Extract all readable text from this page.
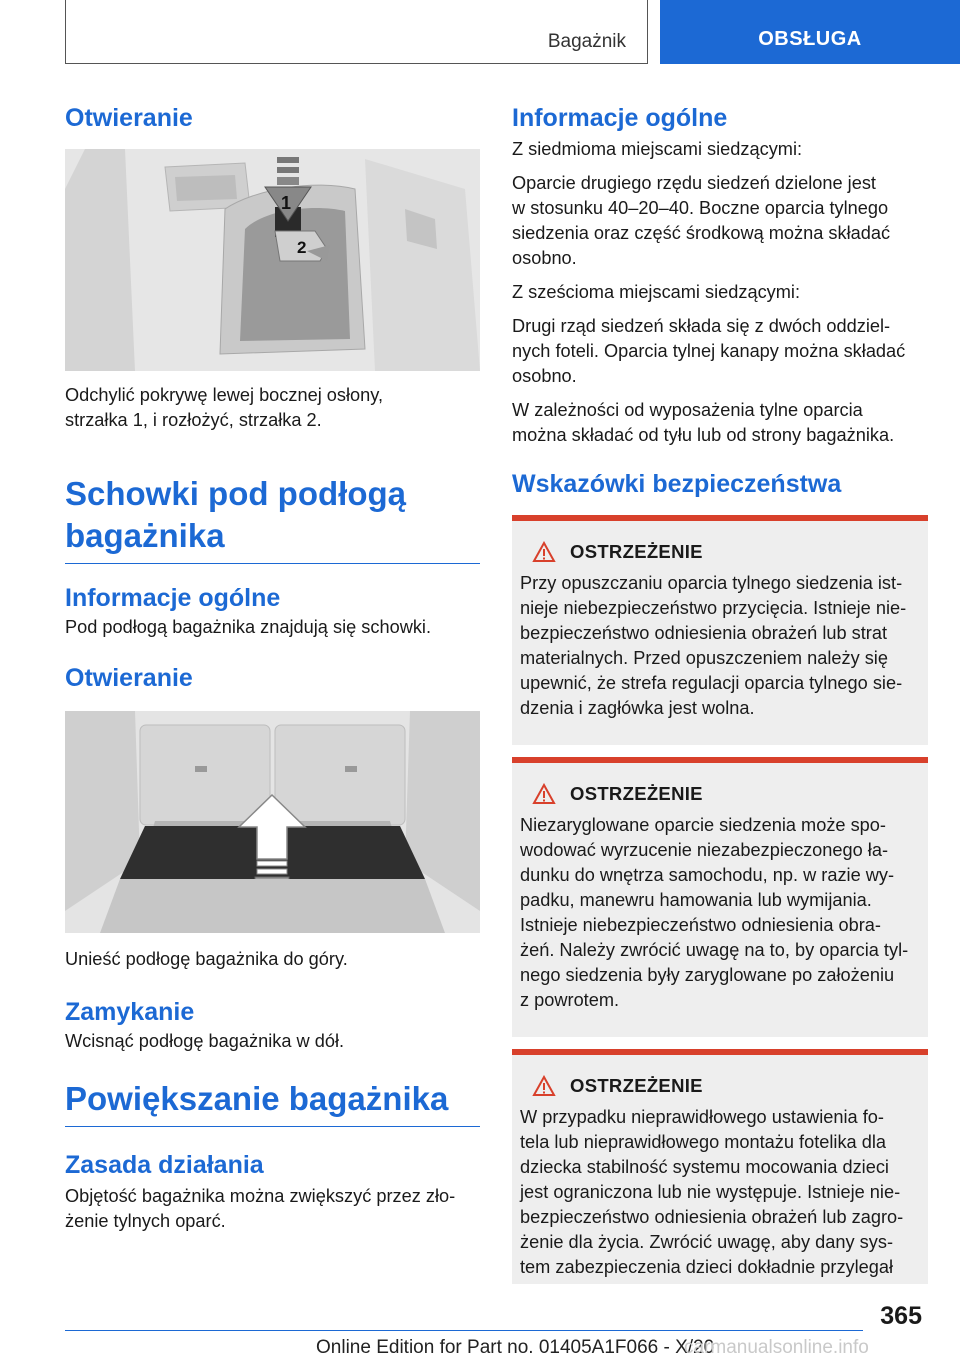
Bagażnik	OBSŁUGA
Otwieranie
1
2

Odchylić pokrywę lewej bocznej osłony,

strzałka 1, i rozłożyć, strzałka 2.

Schowki pod podłogą
bagażnika
Informacje ogólne

Pod podłogą bagażnika znajdują się schowki.

Otwieranie

Unieść podłogę bagażnika do góry.

Zamykanie

Wcisnąć podłogę bagażnika w dół.

Powiększanie bagażnika
Zasada działania

Objętość bagażnika można zwiększyć przez zło-

żenie tylnych oparć.

Informacje ogólne

Z siedmioma miejscami siedzącymi:

Oparcie drugiego rzędu siedzeń dzielone jest

w stosunku 40–20–40. Boczne oparcia tylnego

siedzenia oraz część środkową można składać

osobno.

Z sześcioma miejscami siedzącymi:

Drugi rząd siedzeń składa się z dwóch oddziel-

nych foteli. Oparcia tylnej kanapy można składać

osobno.

W zależności od wyposażenia tylne oparcia

można składać od tyłu lub od strony bagażnika.

Wskazówki bezpieczeństwa
OSTRZEŻENIE

Przy opuszczaniu oparcia tylnego siedzenia ist-

nieje niebezpieczeństwo przycięcia. Istnieje nie-

bezpieczeństwo odniesienia obrażeń lub strat

materialnych. Przed opuszczeniem należy się

upewnić, że strefa regulacji oparcia tylnego sie-

dzenia i zagłówka jest wolna.

OSTRZEŻENIE

Niezaryglowane oparcie siedzenia może spo-

wodować wyrzucenie niezabezpieczonego ła-

dunku do wnętrza samochodu, np. w razie wy-

padku, manewru hamowania lub wymijania.

Istnieje niebezpieczeństwo odniesienia obra-

żeń. Należy zwrócić uwagę na to, by oparcia tyl-

nego siedzenia były zaryglowane po założeniu

z powrotem.

OSTRZEŻENIE

W przypadku nieprawidłowego ustawienia fo-

tela lub nieprawidłowego montażu fotelika dla

dziecka stabilność systemu mocowania dzieci

jest ograniczona lub nie występuje. Istnieje nie-

bezpieczeństwo odniesienia obrażeń lub zagro-

żenie dla życia. Zwrócić uwagę, aby dany sys-

tem zabezpieczenia dzieci dokładnie przylegał

365
Online Edition for Part no. 01405A1F066 - X/20
carmanualsonline.info
